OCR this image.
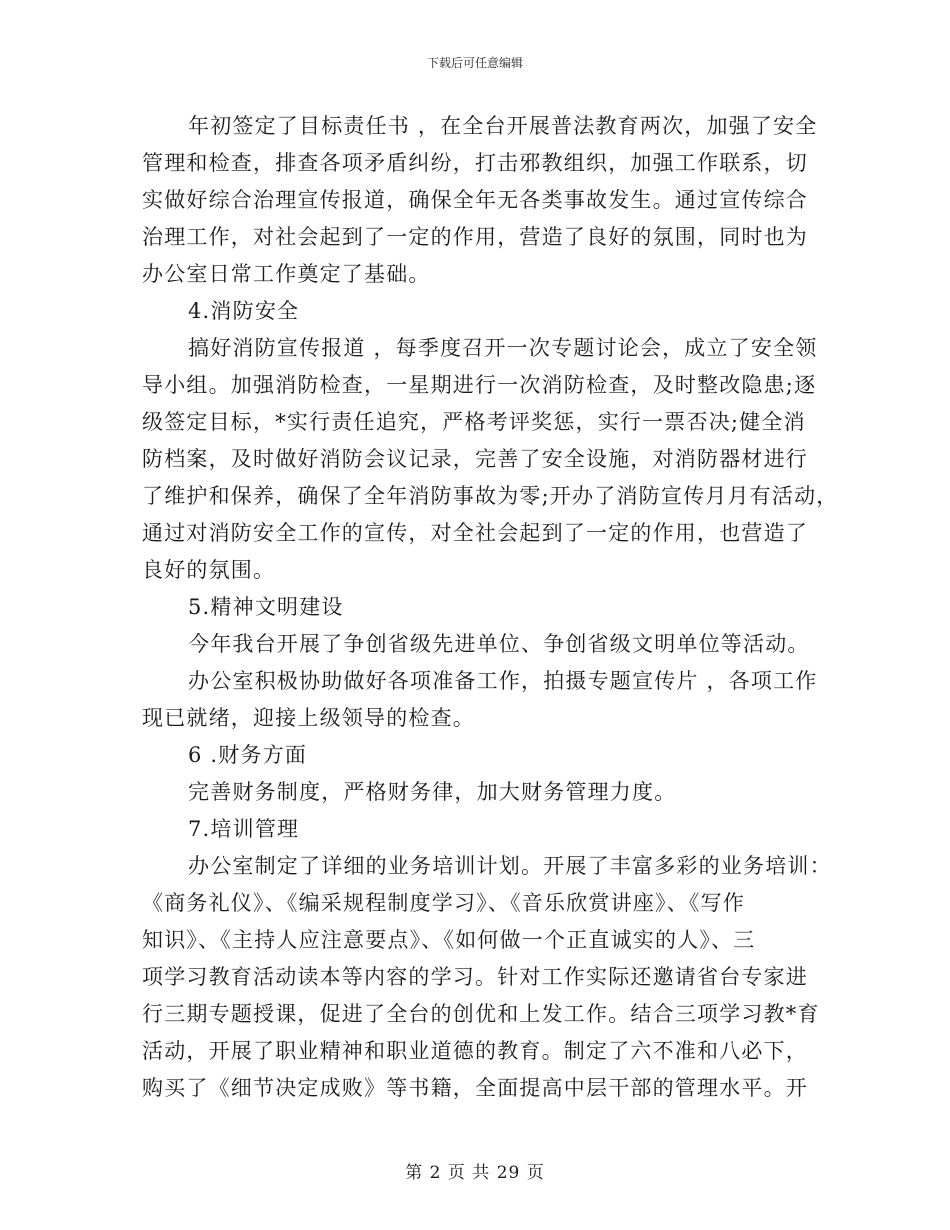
下载后可任意编辑
年初签定了目标责任书 ，在全台开展普法教育两次，加强了安全
管理和检查，排查各项矛盾纠纷，打击邪教组织，加强工作联系，切
实做好综合治理宣传报道，确保全年无各类事故发生。通过宣传综合
治理工作，对社会起到了一定的作用，营造了良好的氛围，同时也为
办公室日常工作奠定了基础。
4.消防安全
搞好消防宣传报道 ，每季度召开一次专题讨论会，成立了安全领
导小组。加强消防检查，一星期进行一次消防检查，及时整改隐患;逐
级签定目标，*实行责任追究，严格考评奖惩，实行一票否决;健全消
防档案，及时做好消防会议记录，完善了安全设施，对消防器材进行
了维护和保养，确保了全年消防事故为零;开办了消防宣传月月有活动，
通过对消防安全工作的宣传，对全社会起到了一定的作用，也营造了
良好的氛围。
5.精神文明建设
今年我台开展了争创省级先进单位、争创省级文明单位等活动。
办公室积极协助做好各项准备工作，拍摄专题宣传片 ，各项工作
现已就绪，迎接上级领导的检查。
6 .财务方面
完善财务制度，严格财务律，加大财务管理力度。
7.培训管理
办公室制定了详细的业务培训计划。开展了丰富多彩的业务培训：
《商务礼仪》、《编采规程制度学习》、《音乐欣赏讲座》、《写作
知识》、《主持人应注意要点》、《如何做一个正直诚实的人》、三
项学习教育活动读本等内容的学习。针对工作实际还邀请省台专家进
行三期专题授课，促进了全台的创优和上发工作。结合三项学习教*育
活动，开展了职业精神和职业道德的教育。制定了六不准和八必下，
购买了《细节决定成败》等书籍，全面提高中层干部的管理水平。开
第 2 页 共 29 页
